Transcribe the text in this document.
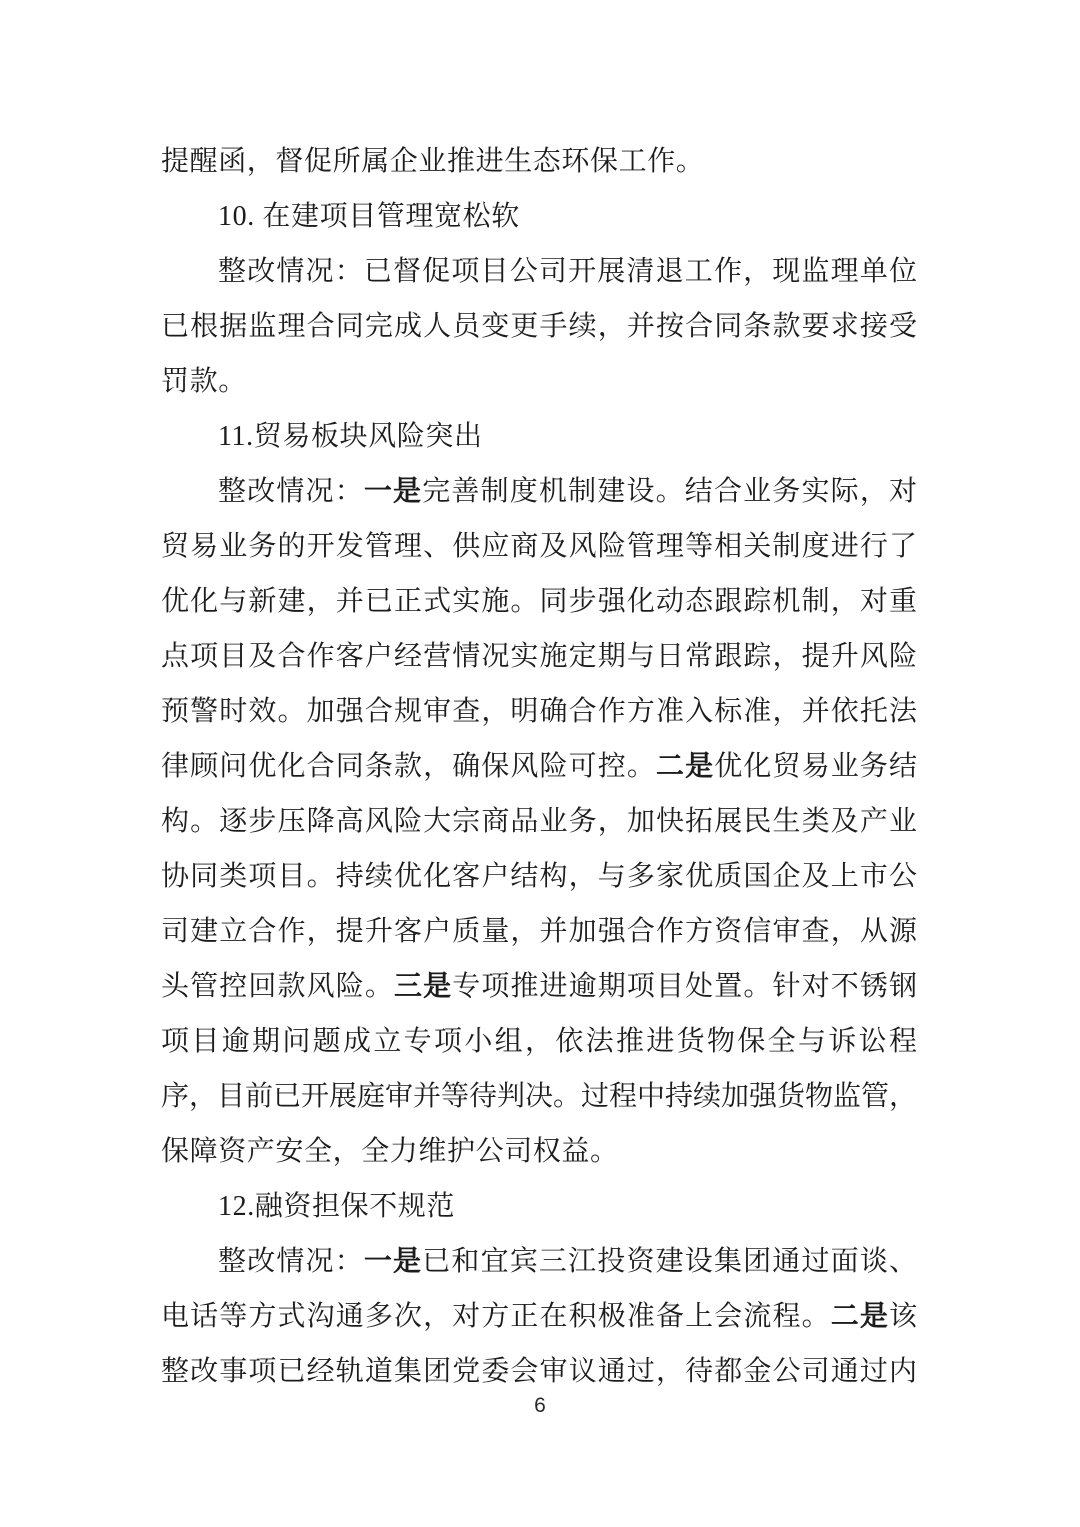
提醒函，督促所属企业推进生态环保工作。
10. 在建项目管理宽松软
整改情况：已督促项目公司开展清退工作，现监理单位
已根据监理合同完成人员变更手续，并按合同条款要求接受
罚款。
11.贸易板块风险突出
整改情况：一是完善制度机制建设。结合业务实际，对
贸易业务的开发管理、供应商及风险管理等相关制度进行了
优化与新建，并已正式实施。同步强化动态跟踪机制，对重
点项目及合作客户经营情况实施定期与日常跟踪，提升风险
预警时效。加强合规审查，明确合作方准入标准，并依托法
律顾问优化合同条款，确保风险可控。二是优化贸易业务结
构。逐步压降高风险大宗商品业务，加快拓展民生类及产业
协同类项目。持续优化客户结构，与多家优质国企及上市公
司建立合作，提升客户质量，并加强合作方资信审查，从源
头管控回款风险。三是专项推进逾期项目处置。针对不锈钢
项目逾期问题成立专项小组，依法推进货物保全与诉讼程
序，目前已开展庭审并等待判决。过程中持续加强货物监管，
保障资产安全，全力维护公司权益。
12.融资担保不规范
整改情况：一是已和宜宾三江投资建设集团通过面谈、
电话等方式沟通多次，对方正在积极准备上会流程。二是该
整改事项已经轨道集团党委会审议通过，待都金公司通过内
6
